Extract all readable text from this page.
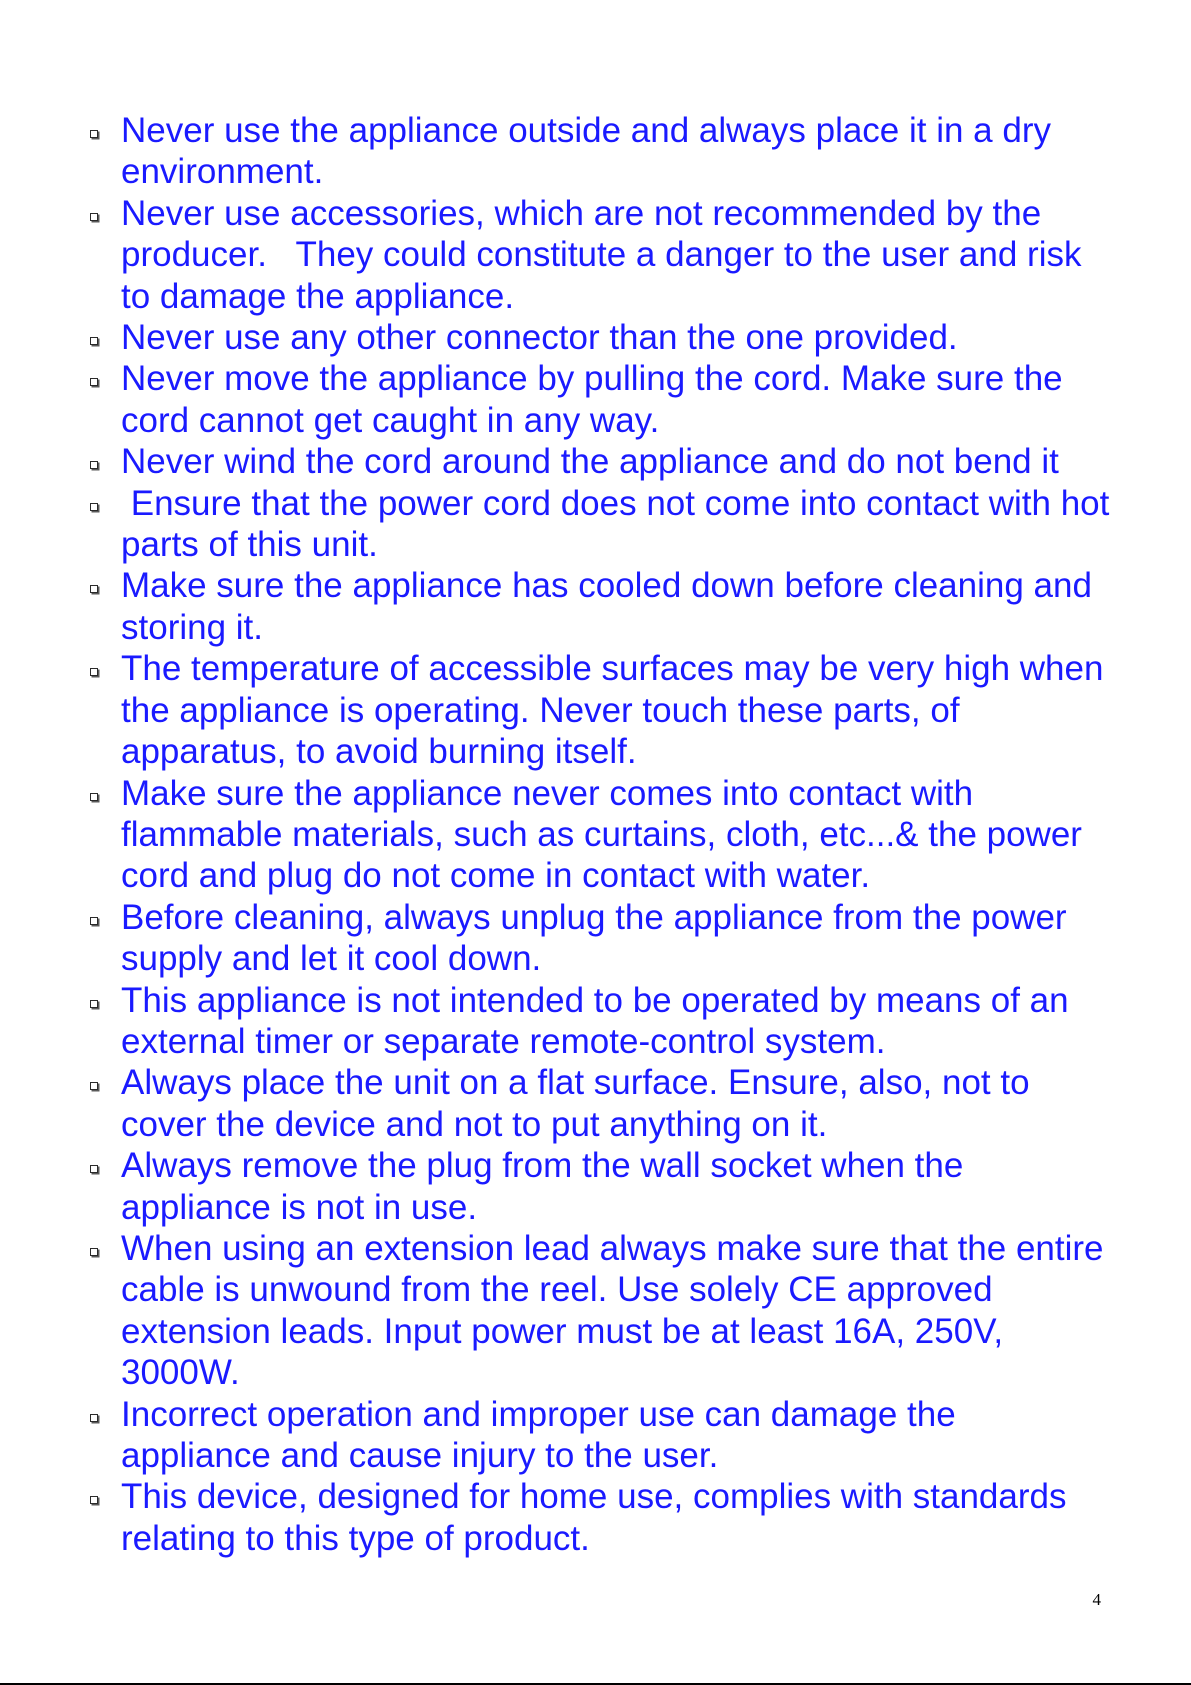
Never use the appliance outside and always place it in a dry environment.
Never use accessories, which are not recommended by the producer.   They could constitute a danger to the user and risk to damage the appliance.
Never use any other connector than the one provided.
Never move the appliance by pulling the cord. Make sure the cord cannot get caught in any way.
Never wind the cord around the appliance and do not bend it
Ensure that the power cord does not come into contact with hot parts of this unit.
Make sure the appliance has cooled down before cleaning and storing it.
The temperature of accessible surfaces may be very high when the appliance is operating. Never touch these parts, of apparatus, to avoid burning itself.
Make sure the appliance never comes into contact with flammable materials, such as curtains, cloth, etc...& the power cord and plug do not come in contact with water.
Before cleaning, always unplug the appliance from the power supply and let it cool down.
This appliance is not intended to be operated by means of an external timer or separate remote-control system.
Always place the unit on a flat surface. Ensure, also, not to cover the device and not to put anything on it.
Always remove the plug from the wall socket when the appliance is not in use.
When using an extension lead always make sure that the entire cable is unwound from the reel. Use solely CE approved extension leads. Input power must be at least 16A, 250V, 3000W.
Incorrect operation and improper use can damage the appliance and cause injury to the user.
This device, designed for home use, complies with standards relating to this type of product.
4
